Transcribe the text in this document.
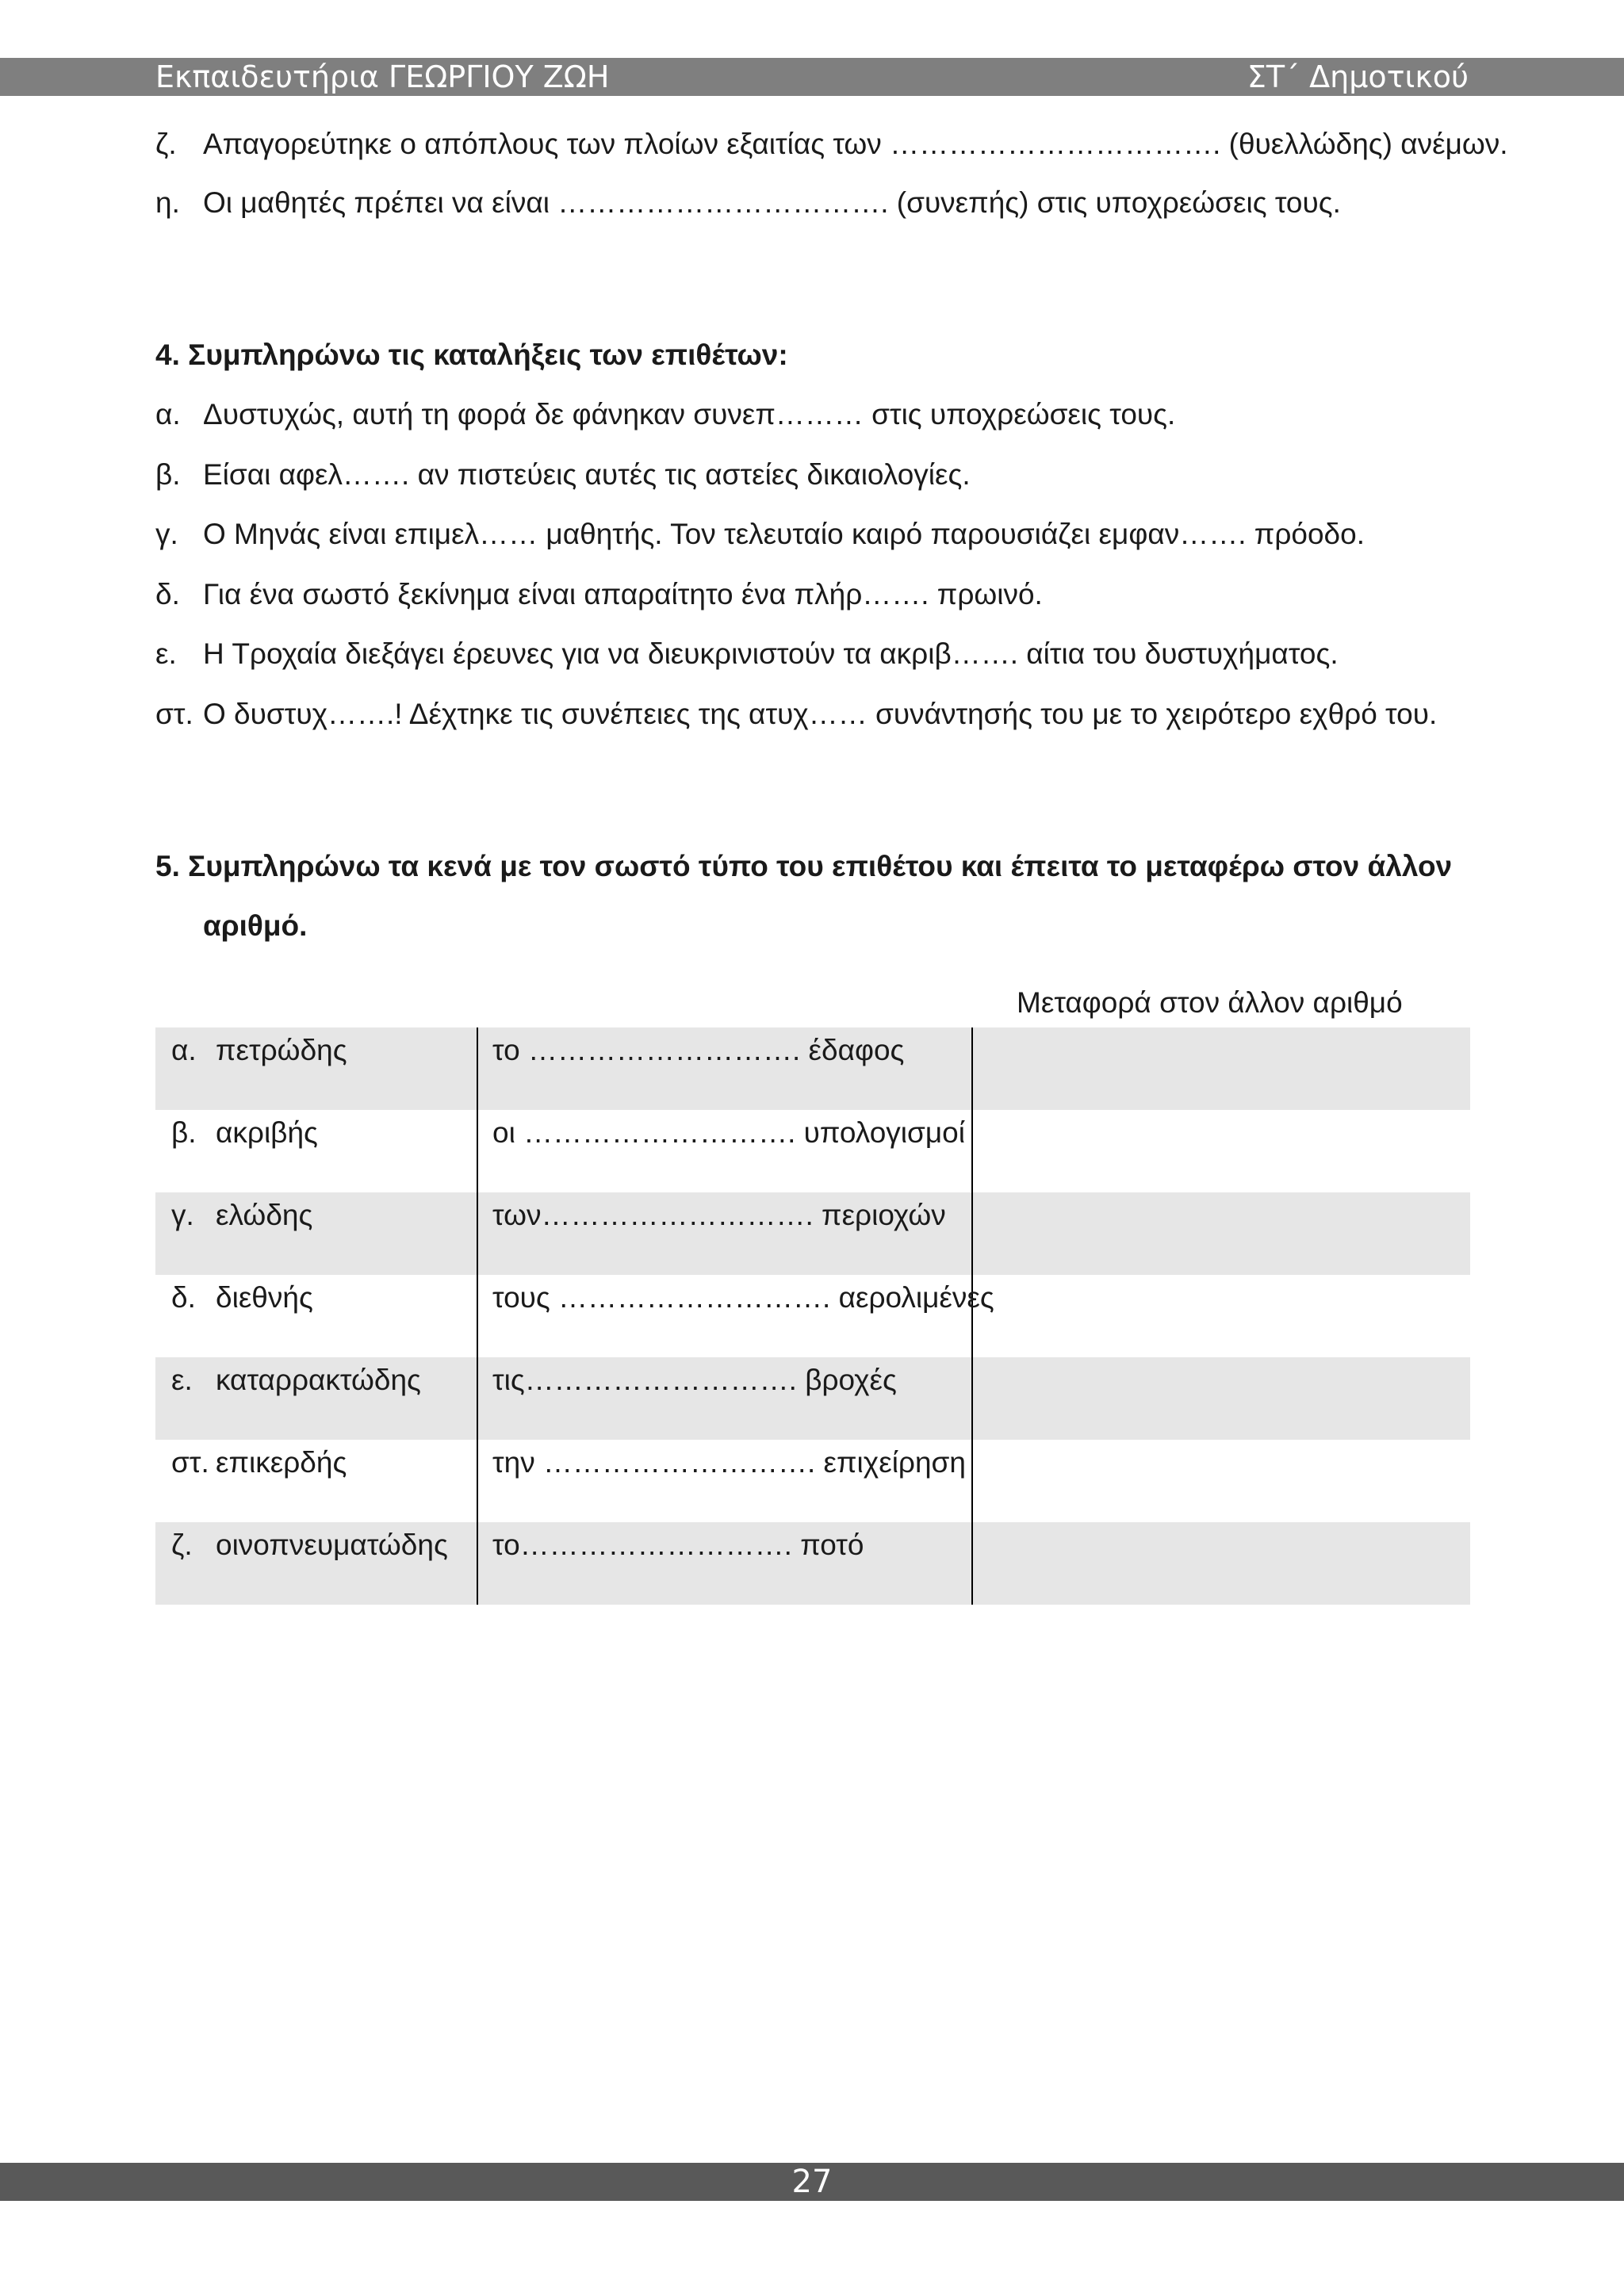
Εκπαιδευτήρια ΓΕΩΡΓΙΟΥ ΖΩΗ	ΣΤ΄ Δημοτικού
ζ. Απαγορεύτηκε ο απόπλους των πλοίων εξαιτίας των ……………………………. (θυελλώδης) ανέμων.
η. Οι μαθητές πρέπει να είναι ……………………………. (συνεπής) στις υποχρεώσεις τους.
4. Συμπληρώνω τις καταλήξεις των επιθέτων:
α. Δυστυχώς, αυτή τη φορά δε φάνηκαν συνεπ……… στις υποχρεώσεις τους.
β. Είσαι αφελ……. αν πιστεύεις αυτές τις αστείες δικαιολογίες.
γ. Ο Μηνάς είναι επιμελ…… μαθητής. Τον τελευταίο καιρό παρουσιάζει εμφαν……. πρόοδο.
δ. Για ένα σωστό ξεκίνημα είναι απαραίτητο ένα πλήρ……. πρωινό.
ε. Η Τροχαία διεξάγει έρευνες για να διευκρινιστούν τα ακριβ……. αίτια του δυστυχήματος.
στ. Ο δυστυχ…….! Δέχτηκε τις συνέπειες της ατυχ…… συνάντησής του με το χειρότερο εχθρό του.
5. Συμπληρώνω τα κενά με τον σωστό τύπο του επιθέτου και έπειτα το μεταφέρω στον άλλον
αριθμό.
Μεταφορά στον άλλον αριθμό
α. πετρώδης	το ………………………. έδαφος	
β. ακριβής	οι ………………………. υπολογισμοί	
γ. ελώδης	των………………………. περιοχών	
δ. διεθνής	τους ………………………. αερολιμένες	
ε. καταρρακτώδης	τις………………………. βροχές	
στ. επικερδής	την ………………………. επιχείρηση	
ζ. οινοπνευματώδης	το………………………. ποτό	
27
